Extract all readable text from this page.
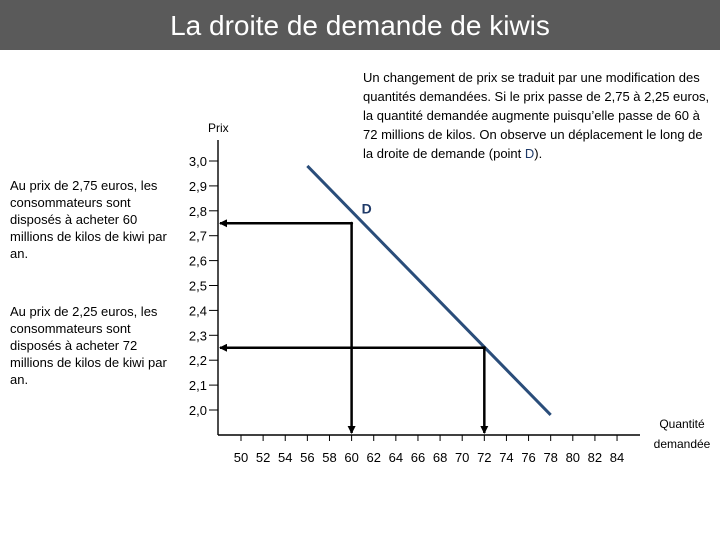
La droite de demande de kiwis
Au prix de 2,75 euros, les consommateurs sont disposés à acheter 60 millions de kilos de kiwi par an.
Au prix de 2,25 euros, les consommateurs sont disposés à acheter 72 millions de kilos de kiwi par an.
Un changement de prix se traduit par une modification des quantités demandées. Si le prix passe de 2,75 à 2,25 euros, la quantité demandée augmente puisqu’elle passe de 60 à 72 millions de kilos. On observe un déplacement le long de la droite de demande (point D).
Prix
Quantité
demandée
3,0
2,9
2,8
2,7
2,6
2,5
2,4
2,3
2,2
2,1
2,0
50 52 54 56 58 60 62 64 66 68 70 72 74 76 78 80 82 84
D
